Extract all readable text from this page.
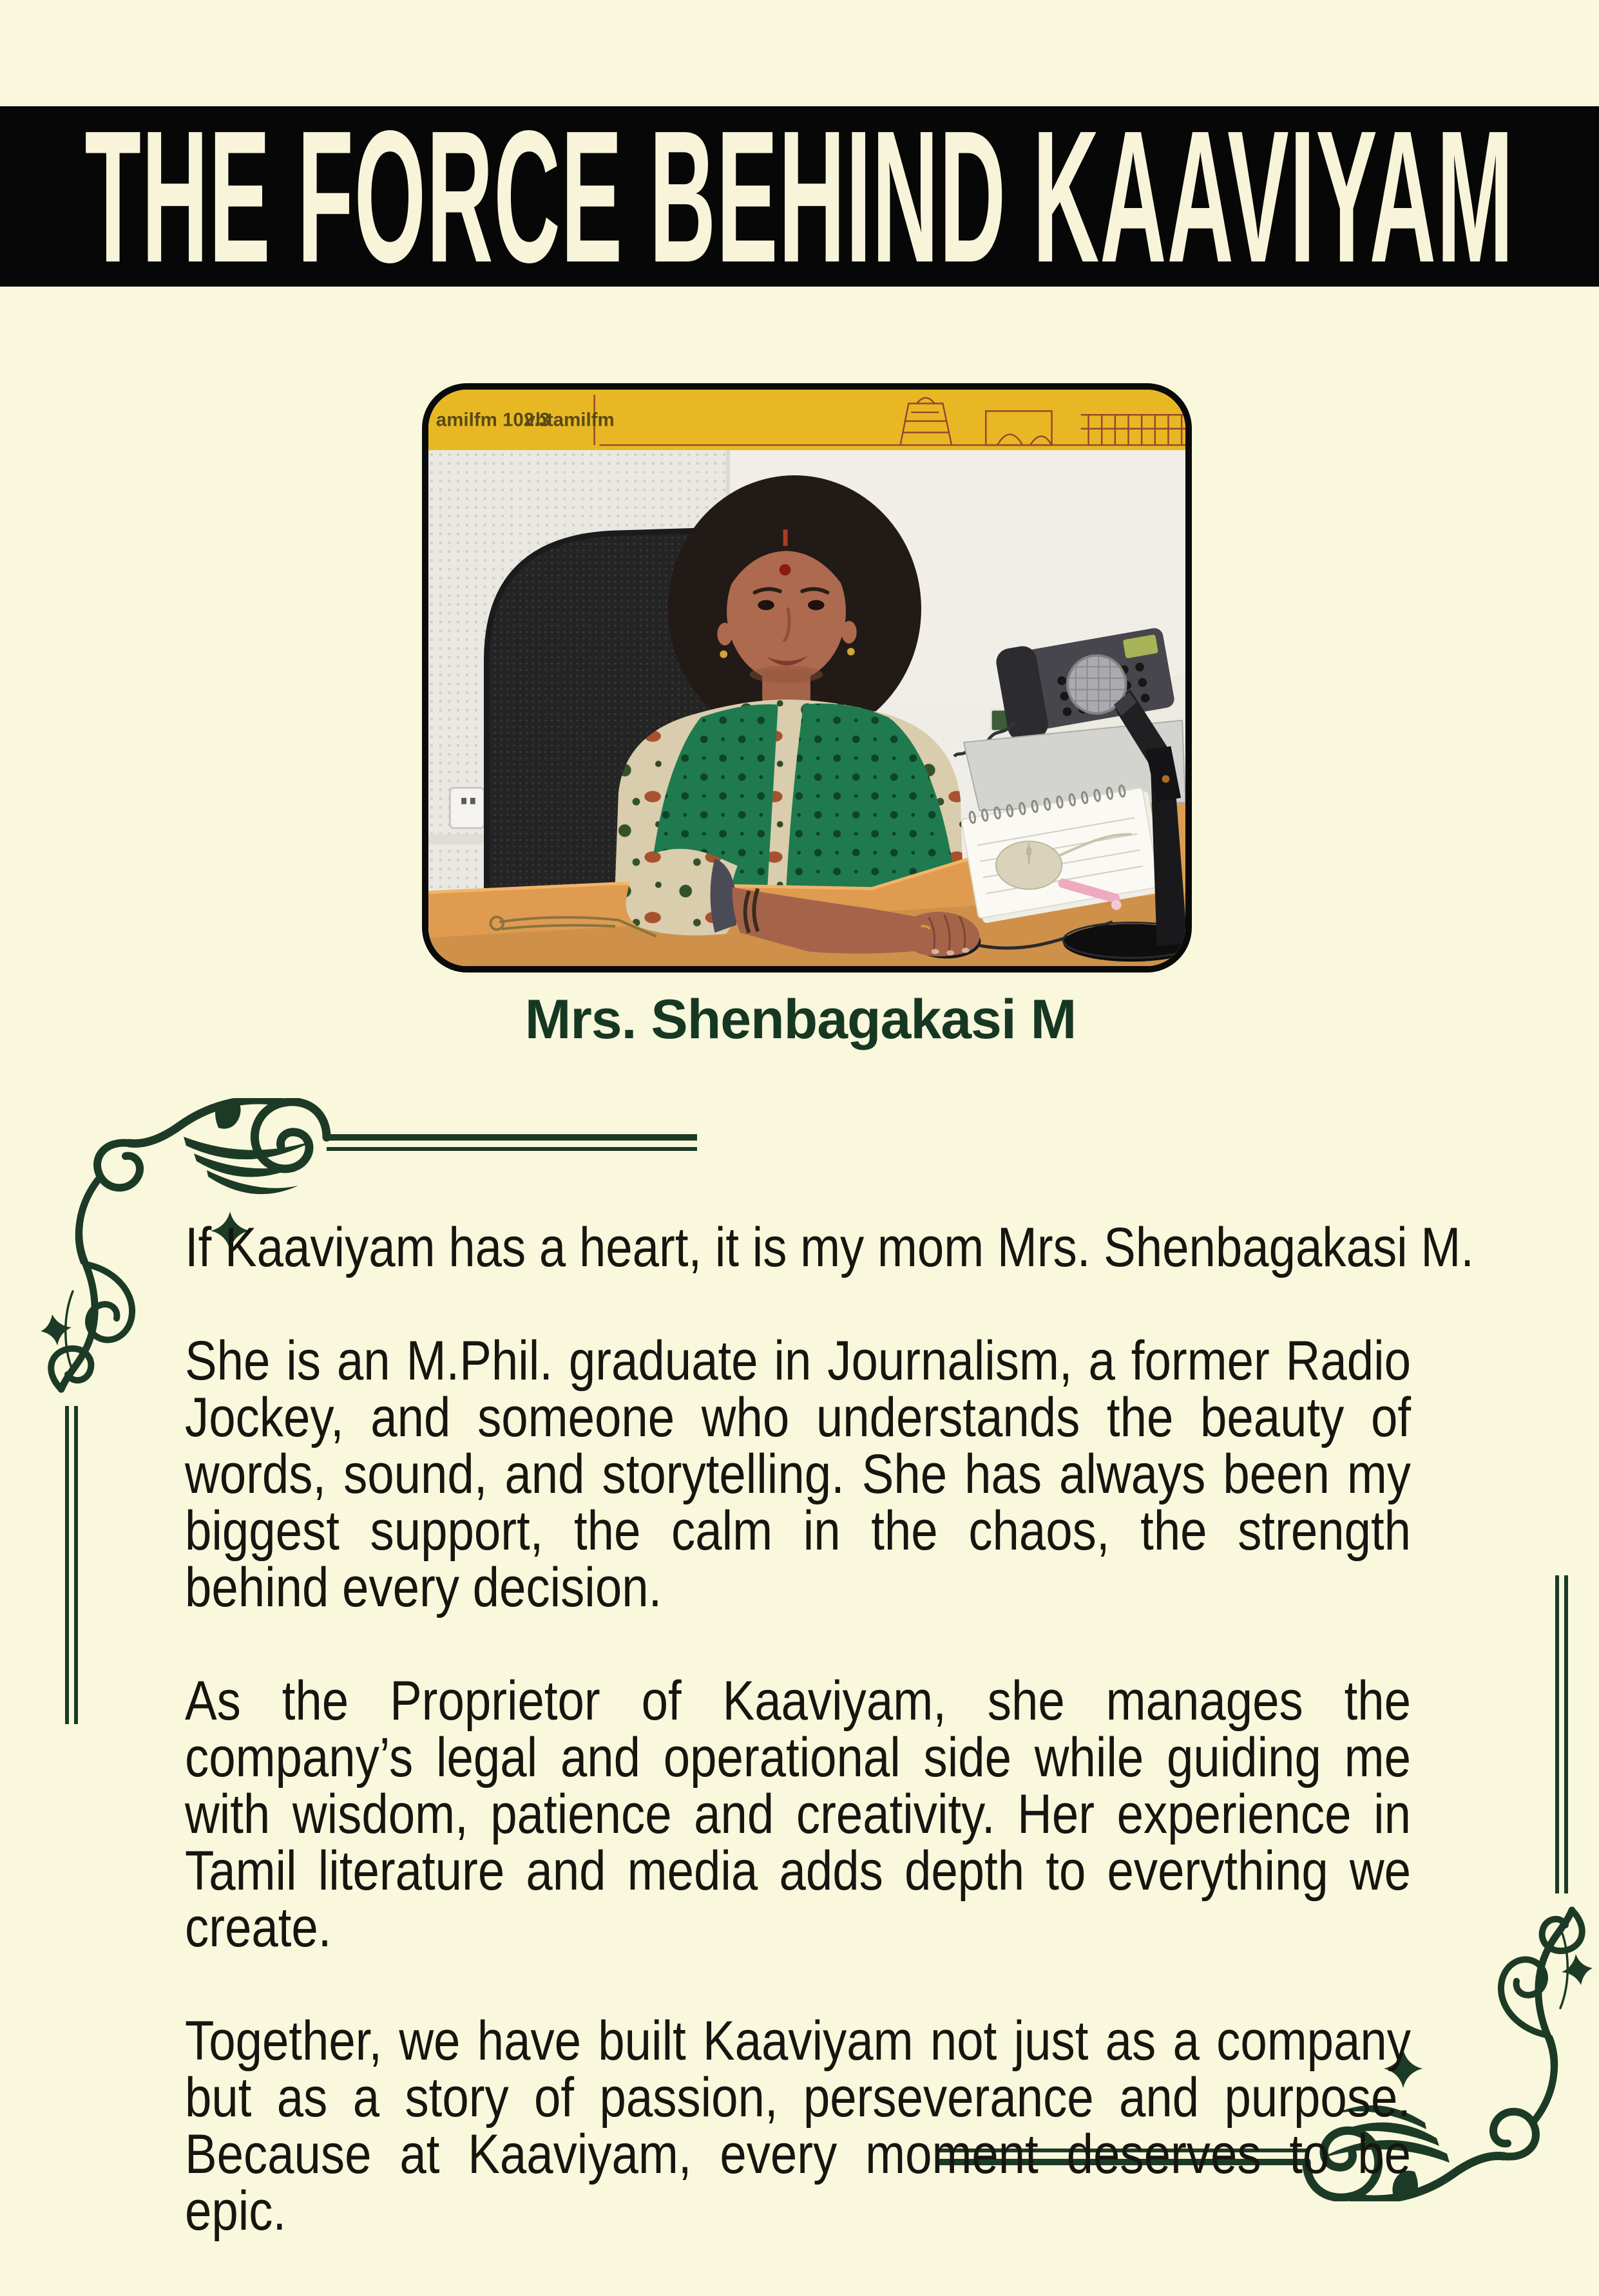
THE FORCE BEHIND KAAVIYAM
amilfm 102.3
vbtamilfm
Mrs. Shenbagakasi M

If Kaaviyam has a heart, it is my mom Mrs. Shenbagakasi M.

She is an M.Phil. graduate in Journalism, a former Radio Jockey, and someone who understands the beauty of words, sound, and storytelling. She has always been my biggest support, the calm in the chaos, the strength behind every decision.

As the Proprietor of Kaaviyam, she manages the company’s legal and operational side while guiding me with wisdom, patience and creativity. Her experience in Tamil literature and media adds depth to everything we create.

Together, we have built Kaaviyam not just as a company but as a story of passion, perseverance and purpose. Because at Kaaviyam, every moment deserves to be epic.
